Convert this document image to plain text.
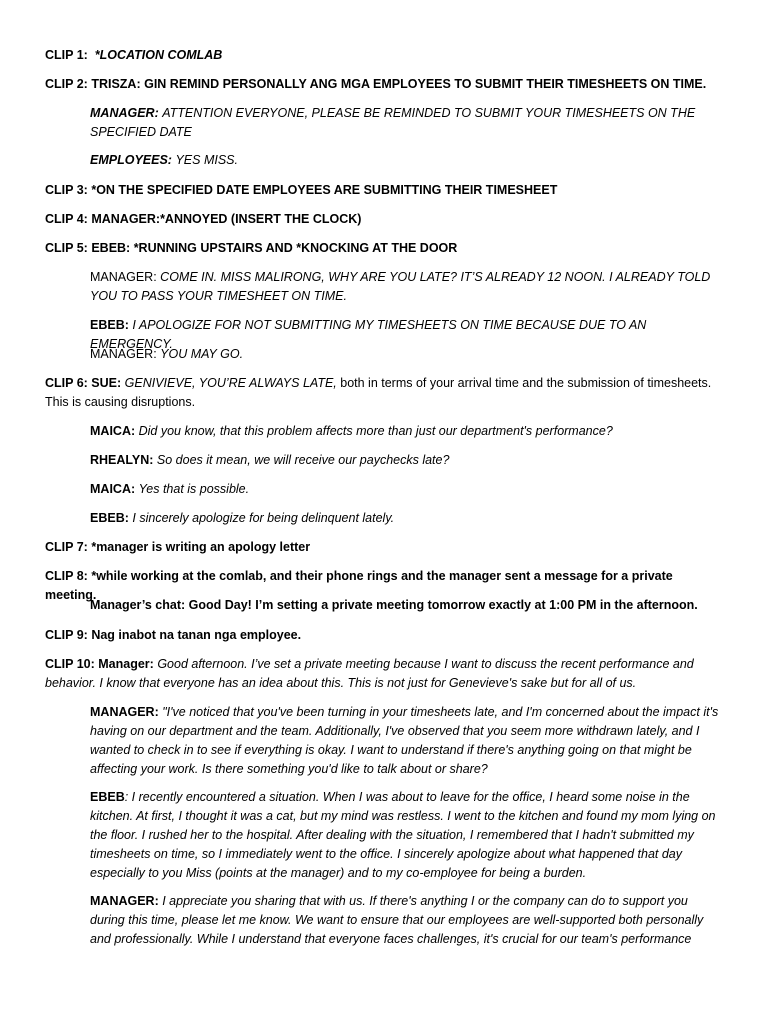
CLIP 1: *LOCATION COMLAB

CLIP 2: TRISZA: GIN REMIND PERSONALLY ANG MGA EMPLOYEES TO SUBMIT THEIR TIMESHEETS ON TIME.

MANAGER: ATTENTION EVERYONE, PLEASE BE REMINDED TO SUBMIT YOUR TIMESHEETS ON THE SPECIFIED DATE

EMPLOYEES: YES MISS.

CLIP 3: *ON THE SPECIFIED DATE EMPLOYEES ARE SUBMITTING THEIR TIMESHEET

CLIP 4: MANAGER:*ANNOYED (INSERT THE CLOCK)

CLIP 5: EBEB: *RUNNING UPSTAIRS AND *KNOCKING AT THE DOOR

MANAGER: COME IN. MISS MALIRONG, WHY ARE YOU LATE? IT’S ALREADY 12 NOON. I ALREADY TOLD YOU TO PASS YOUR TIMESHEET ON TIME.

EBEB: I APOLOGIZE FOR NOT SUBMITTING MY TIMESHEETS ON TIME BECAUSE DUE TO AN EMERGENCY.

MANAGER: YOU MAY GO.

CLIP 6: SUE: GENIVIEVE, YOU’RE ALWAYS LATE, both in terms of your arrival time and the submission of timesheets. This is causing disruptions.

MAICA: Did you know, that this problem affects more than just our department's performance?

RHEALYN: So does it mean, we will receive our paychecks late?

MAICA: Yes that is possible.

EBEB: I sincerely apologize for being delinquent lately.

CLIP 7: *manager is writing an apology letter

CLIP 8: *while working at the comlab, and their phone rings and the manager sent a message for a private meeting.

Manager’s chat: Good Day! I’m setting a private meeting tomorrow exactly at 1:00 PM in the afternoon.

CLIP 9: Nag inabot na tanan nga employee.

CLIP 10: Manager: Good afternoon. I’ve set a private meeting because I want to discuss the recent performance and behavior. I know that everyone has an idea about this. This is not just for Genevieve's sake but for all of us.

MANAGER: "I've noticed that you've been turning in your timesheets late, and I'm concerned about the impact it's having on our department and the team. Additionally, I've observed that you seem more withdrawn lately, and I wanted to check in to see if everything is okay. I want to understand if there's anything going on that might be affecting your work. Is there something you'd like to talk about or share?

EBEB: I recently encountered a situation. When I was about to leave for the office, I heard some noise in the kitchen. At first, I thought it was a cat, but my mind was restless. I went to the kitchen and found my mom lying on the floor. I rushed her to the hospital. After dealing with the situation, I remembered that I hadn't submitted my timesheets on time, so I immediately went to the office. I sincerely apologize about what happened that day especially to you Miss (points at the manager) and to my co-employee for being a burden.

MANAGER: I appreciate you sharing that with us. If there's anything I or the company can do to support you during this time, please let me know. We want to ensure that our employees are well-supported both personally and professionally. While I understand that everyone faces challenges, it's crucial for our team's performance
